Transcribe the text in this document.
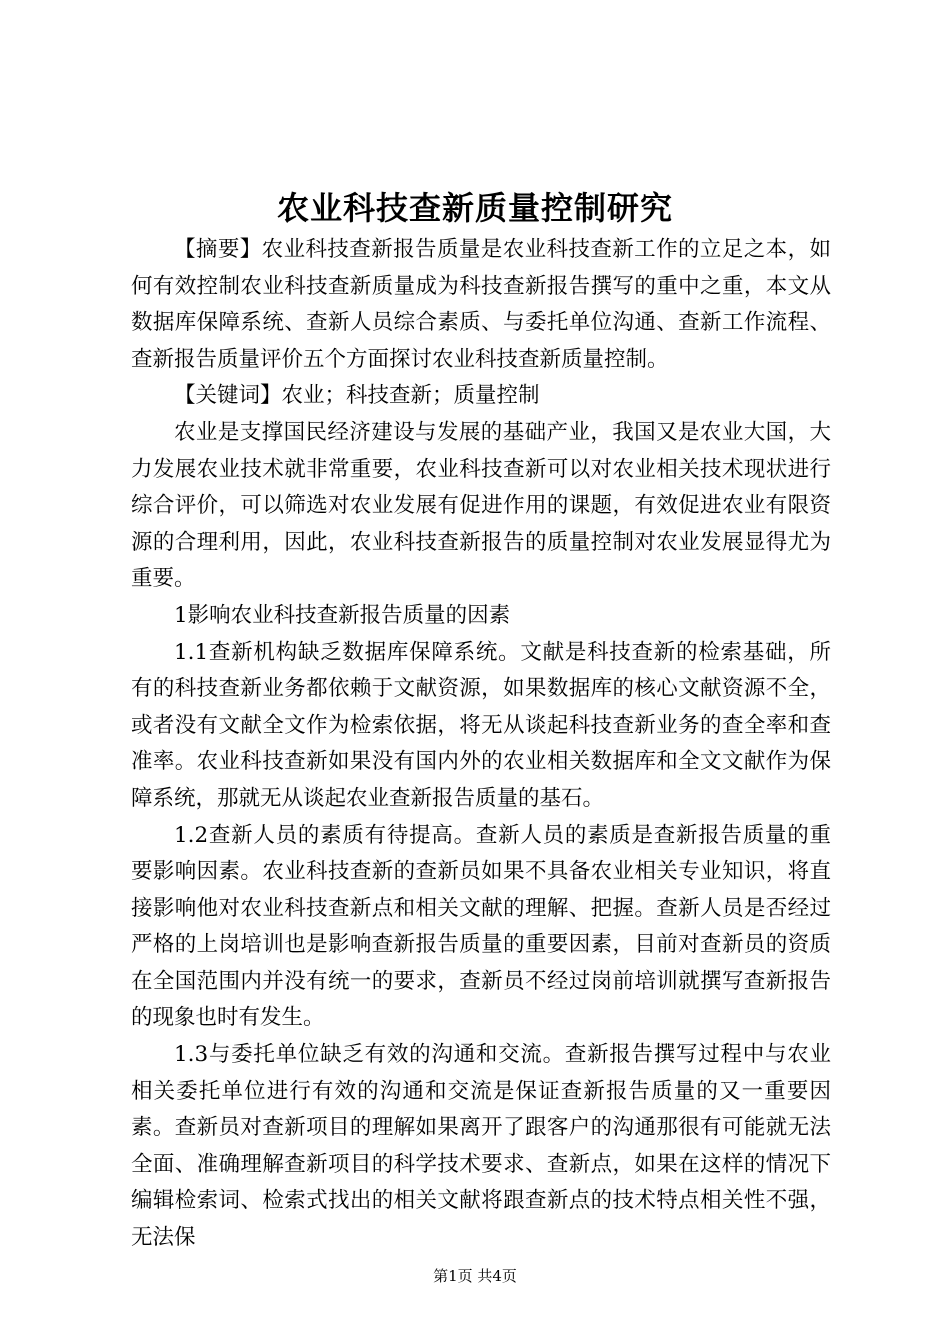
农业科技查新质量控制研究

【摘要】农业科技查新报告质量是农业科技查新工作的立足之本，如何有效控制农业科技查新质量成为科技查新报告撰写的重中之重，本文从数据库保障系统、查新人员综合素质、与委托单位沟通、查新工作流程、查新报告质量评价五个方面探讨农业科技查新质量控制。

【关键词】农业；科技查新；质量控制

农业是支撑国民经济建设与发展的基础产业，我国又是农业大国，大力发展农业技术就非常重要，农业科技查新可以对农业相关技术现状进行综合评价，可以筛选对农业发展有促进作用的课题，有效促进农业有限资源的合理利用，因此，农业科技查新报告的质量控制对农业发展显得尤为重要。

1影响农业科技查新报告质量的因素

1.1查新机构缺乏数据库保障系统。文献是科技查新的检索基础，所有的科技查新业务都依赖于文献资源，如果数据库的核心文献资源不全，或者没有文献全文作为检索依据，将无从谈起科技查新业务的查全率和查准率。农业科技查新如果没有国内外的农业相关数据库和全文文献作为保障系统，那就无从谈起农业查新报告质量的基石。

1.2查新人员的素质有待提高。查新人员的素质是查新报告质量的重要影响因素。农业科技查新的查新员如果不具备农业相关专业知识，将直接影响他对农业科技查新点和相关文献的理解、把握。查新人员是否经过严格的上岗培训也是影响查新报告质量的重要因素，目前对查新员的资质在全国范围内并没有统一的要求，查新员不经过岗前培训就撰写查新报告的现象也时有发生。

1.3与委托单位缺乏有效的沟通和交流。查新报告撰写过程中与农业相关委托单位进行有效的沟通和交流是保证查新报告质量的又一重要因素。查新员对查新项目的理解如果离开了跟客户的沟通那很有可能就无法全面、准确理解查新项目的科学技术要求、查新点，如果在这样的情况下编辑检索词、检索式找出的相关文献将跟查新点的技术特点相关性不强，无法保

第1页 共4页
